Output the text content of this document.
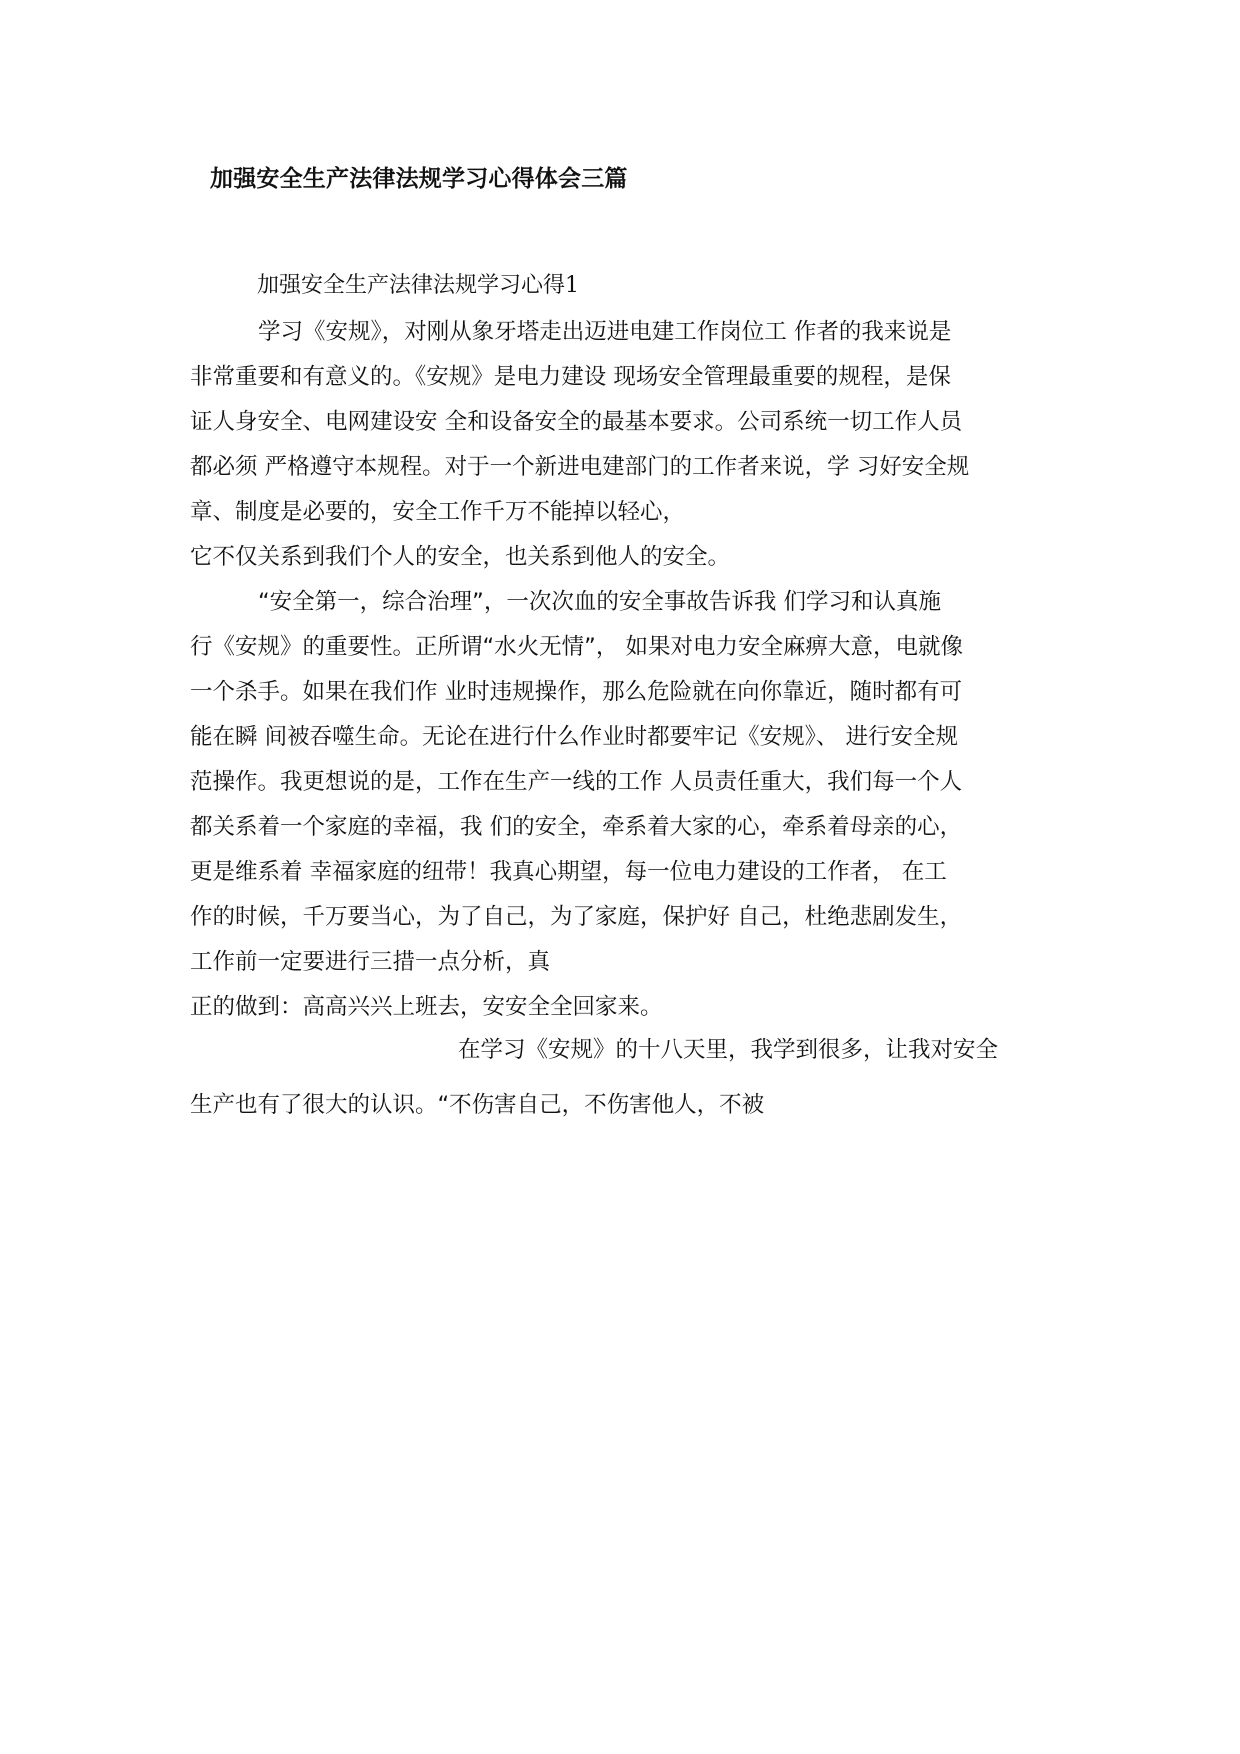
加强安全生产法律法规学习心得体会三篇
加强安全生产法律法规学习心得1
学习《安规》，对刚从象牙塔走出迈进电建工作岗位工 作者的我来说是
非常重要和有意义的。《安规》是电力建设 现场安全管理最重要的规程，是保
证人身安全、电网建设安 全和设备安全的最基本要求。公司系统一切工作人员
都必须 严格遵守本规程。对于一个新进电建部门的工作者来说，学 习好安全规
章、制度是必要的，安全工作千万不能掉以轻心，
它不仅关系到我们个人的安全，也关系到他人的安全。
“安全第一，综合治理”，一次次血的安全事故告诉我 们学习和认真施
行《安规》的重要性。正所谓“水火无情”， 如果对电力安全麻痹大意，电就像
一个杀手。如果在我们作 业时违规操作，那么危险就在向你靠近，随时都有可
能在瞬 间被吞噬生命。无论在进行什么作业时都要牢记《安规》、 进行安全规
范操作。我更想说的是，工作在生产一线的工作 人员责任重大，我们每一个人
都关系着一个家庭的幸福，我 们的安全，牵系着大家的心，牵系着母亲的心，
更是维系着 幸福家庭的纽带！我真心期望，每一位电力建设的工作者， 在工
作的时候，千万要当心，为了自己，为了家庭，保护好 自己，杜绝悲剧发生，
工作前一定要进行三措一点分析，真
正的做到：高高兴兴上班去，安安全全回家来。
在学习《安规》的十八天里，我学到很多，让我对安全
生产也有了很大的认识。“不伤害自己，不伤害他人，不被
